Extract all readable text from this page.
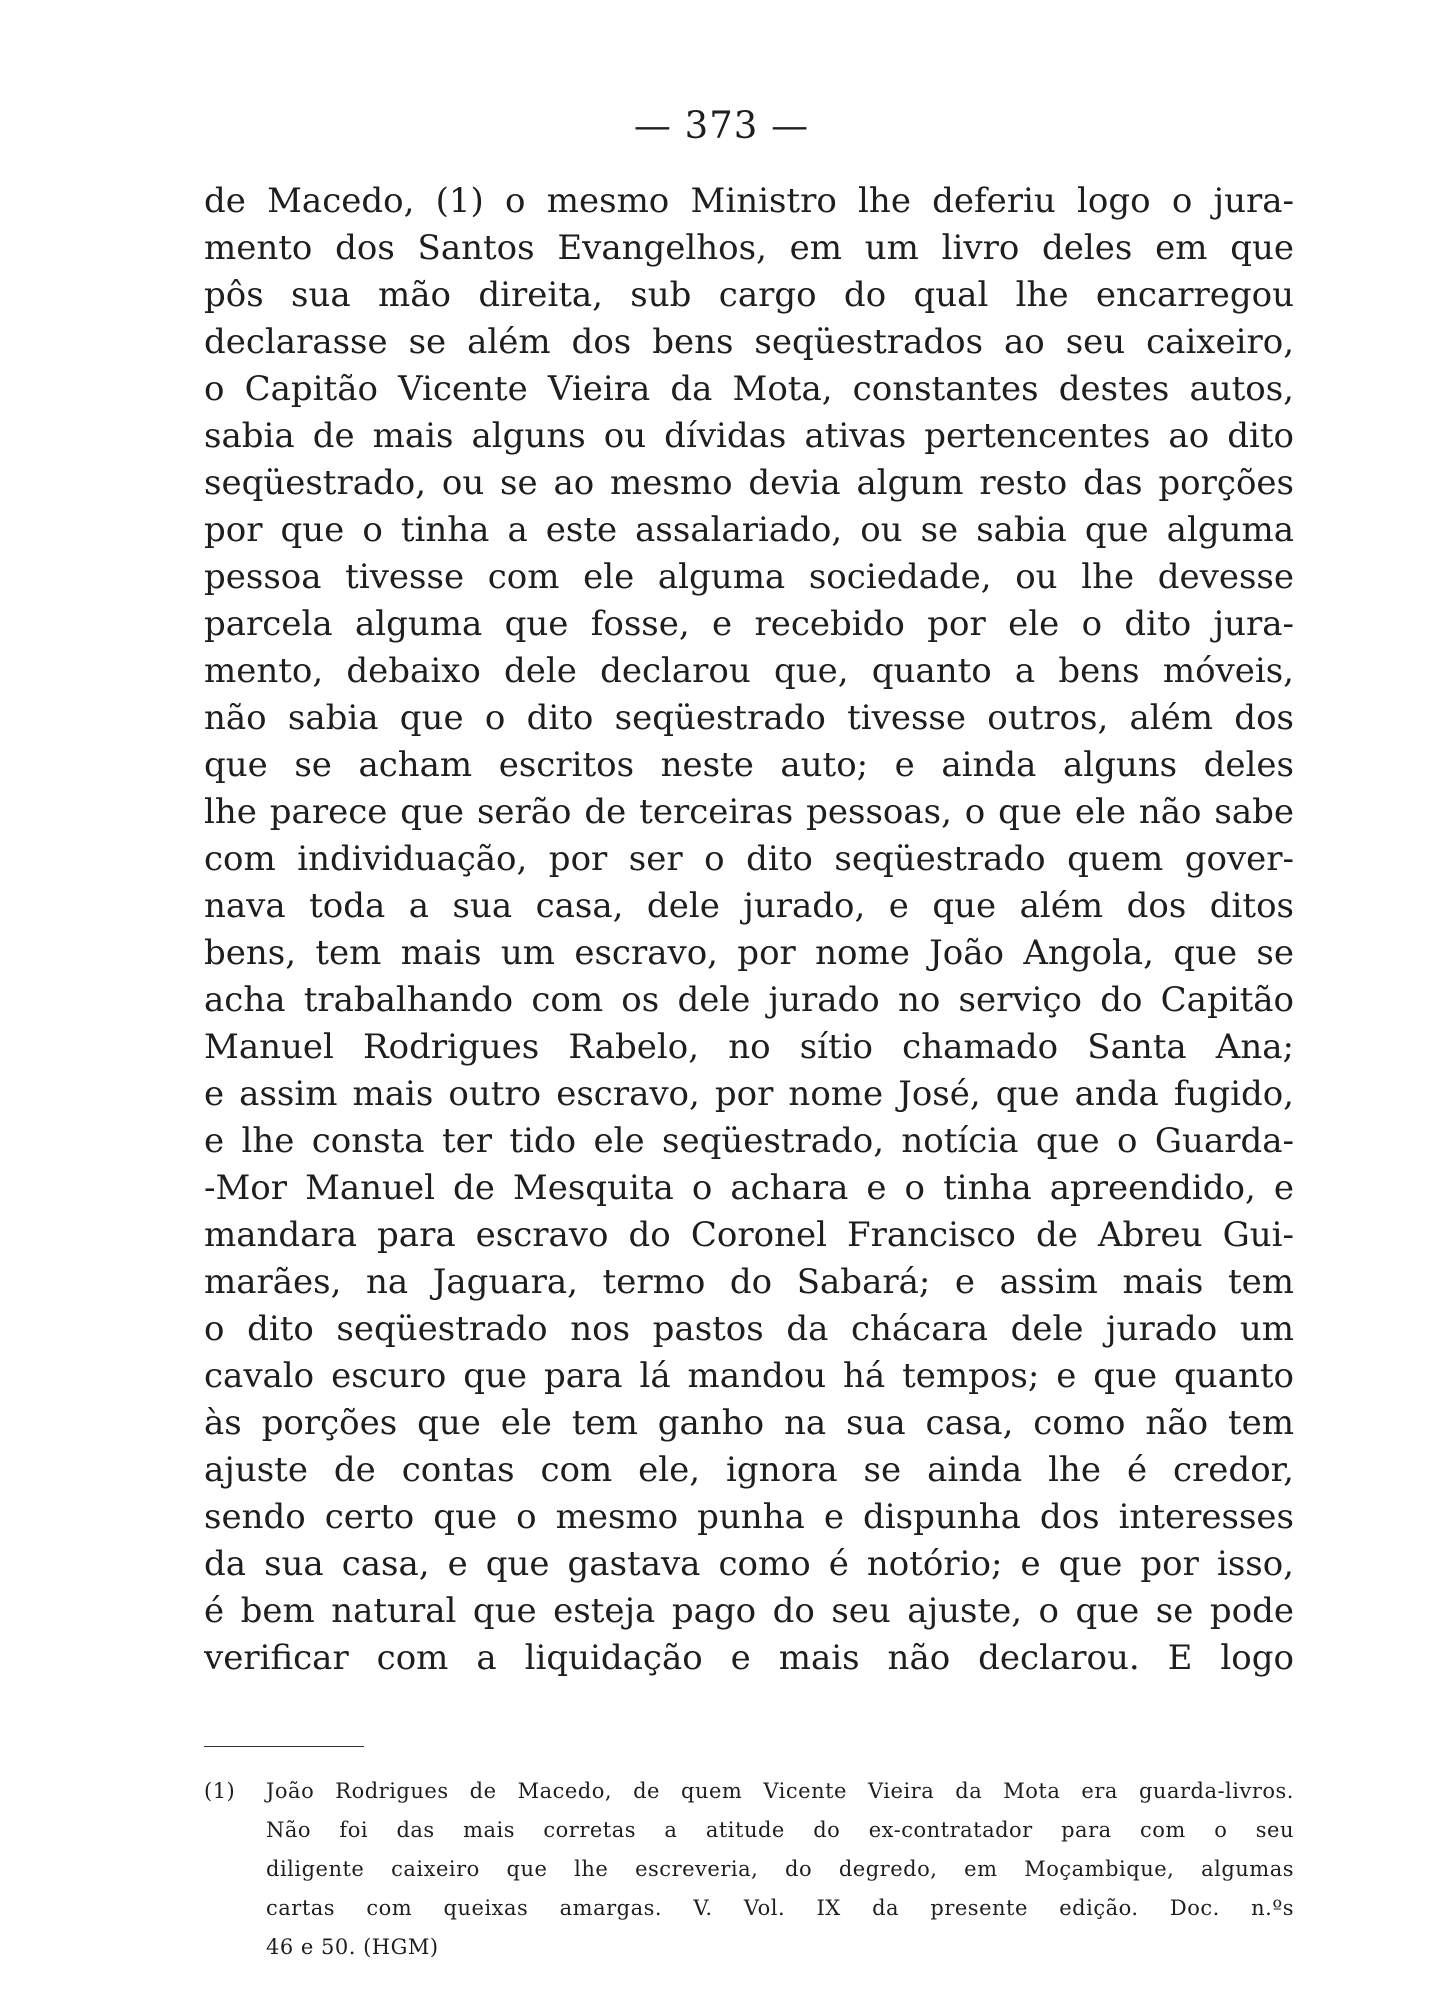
— 373 —
de Macedo, (1) o mesmo Ministro lhe deferiu logo o jura-
mento dos Santos Evangelhos, em um livro deles em que
pôs sua mão direita, sub cargo do qual lhe encarregou
declarasse se além dos bens seqüestrados ao seu caixeiro,
o Capitão Vicente Vieira da Mota, constantes destes autos,
sabia de mais alguns ou dívidas ativas pertencentes ao dito
seqüestrado, ou se ao mesmo devia algum resto das porções
por que o tinha a este assalariado, ou se sabia que alguma
pessoa tivesse com ele alguma sociedade, ou lhe devesse
parcela alguma que fosse, e recebido por ele o dito jura-
mento, debaixo dele declarou que, quanto a bens móveis,
não sabia que o dito seqüestrado tivesse outros, além dos
que se acham escritos neste auto; e ainda alguns deles
lhe parece que serão de terceiras pessoas, o que ele não sabe
com individuação, por ser o dito seqüestrado quem gover-
nava toda a sua casa, dele jurado, e que além dos ditos
bens, tem mais um escravo, por nome João Angola, que se
acha trabalhando com os dele jurado no serviço do Capitão
Manuel Rodrigues Rabelo, no sítio chamado Santa Ana;
e assim mais outro escravo, por nome José, que anda fugido,
e lhe consta ter tido ele seqüestrado, notícia que o Guarda-
-Mor Manuel de Mesquita o achara e o tinha apreendido, e
mandara para escravo do Coronel Francisco de Abreu Gui-
marães, na Jaguara, termo do Sabará; e assim mais tem
o dito seqüestrado nos pastos da chácara dele jurado um
cavalo escuro que para lá mandou há tempos; e que quanto
às porções que ele tem ganho na sua casa, como não tem
ajuste de contas com ele, ignora se ainda lhe é credor,
sendo certo que o mesmo punha e dispunha dos interesses
da sua casa, e que gastava como é notório; e que por isso,
é bem natural que esteja pago do seu ajuste, o que se pode
verificar com a liquidação e mais não declarou. E logo
(1) João Rodrigues de Macedo, de quem Vicente Vieira da Mota era guarda-livros.
Não foi das mais corretas a atitude do ex-contratador para com o seu
diligente caixeiro que lhe escreveria, do degredo, em Moçambique, algumas
cartas com queixas amargas. V. Vol. IX da presente edição. Doc. n.ºs
46 e 50. (HGM)
